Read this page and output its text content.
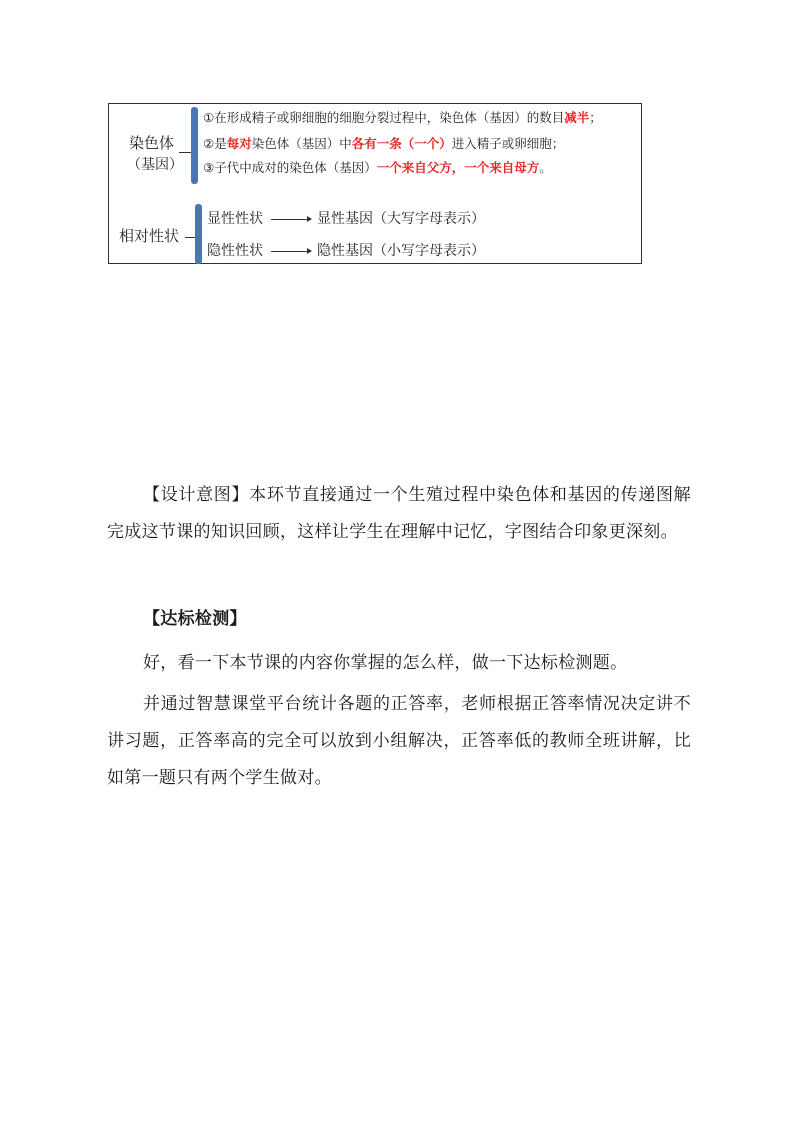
染色体
（基因）
①在形成精子或卵细胞的细胞分裂过程中，染色体（基因）的数目减半；
②是每对染色体（基因）中各有一条（一个）进入精子或卵细胞；
③子代中成对的染色体（基因）一个来自父方，一个来自母方。
相对性状
显性性状	显性基因（大写字母表示）
隐性性状	隐性基因（小写字母表示）
【设计意图】本环节直接通过一个生殖过程中染色体和基因的传递图解完成这节课的知识回顾，这样让学生在理解中记忆，字图结合印象更深刻。
【达标检测】
好，看一下本节课的内容你掌握的怎么样，做一下达标检测题。
并通过智慧课堂平台统计各题的正答率，老师根据正答率情况决定讲不讲习题，正答率高的完全可以放到小组解决，正答率低的教师全班讲解，比如第一题只有两个学生做对。
